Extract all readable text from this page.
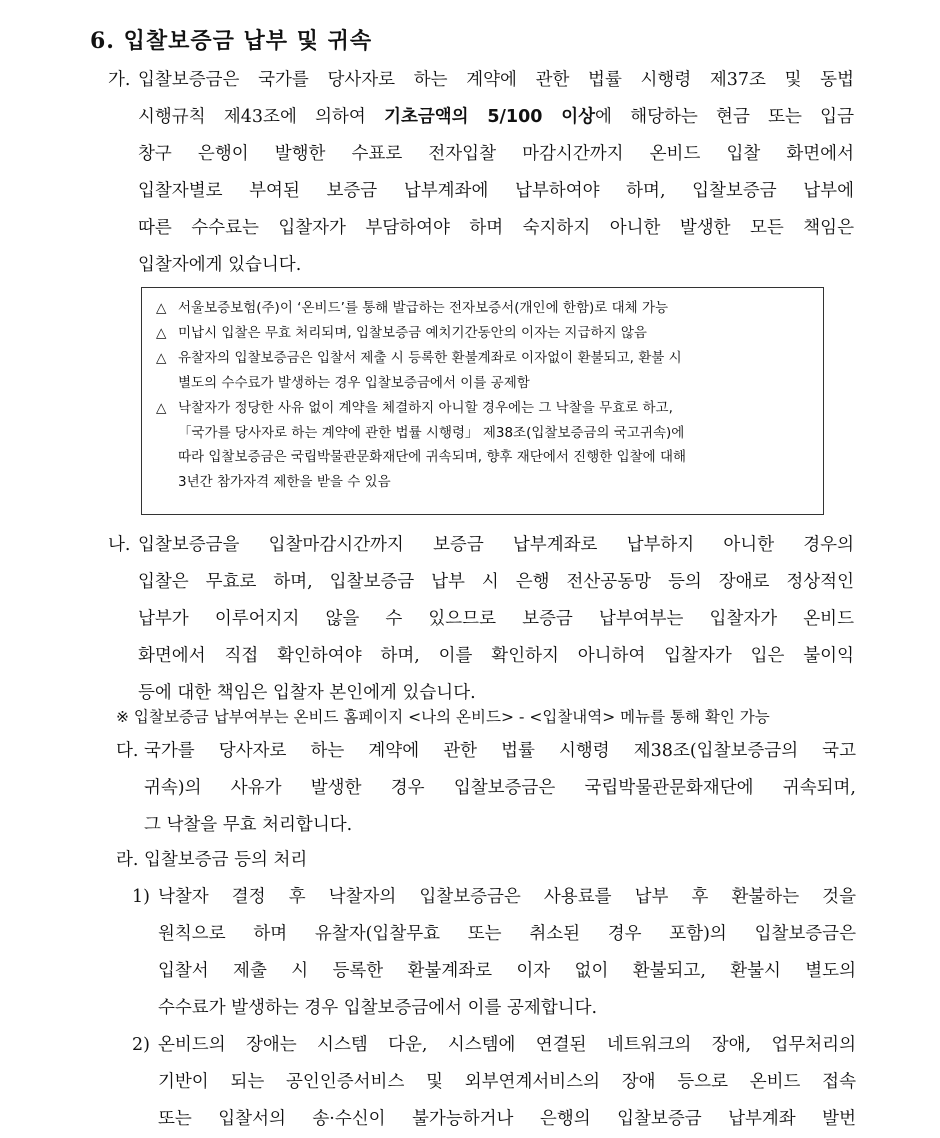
6. 입찰보증금 납부 및 귀속
가. 입찰보증금은 국가를 당사자로 하는 계약에 관한 법률 시행령 제37조 및 동법
시행규칙 제43조에 의하여 기초금액의 5/100 이상에 해당하는 현금 또는 입금
창구 은행이 발행한 수표로 전자입찰 마감시간까지 온비드 입찰 화면에서
입찰자별로 부여된 보증금 납부계좌에 납부하여야 하며, 입찰보증금 납부에
따른 수수료는 입찰자가 부담하여야 하며 숙지하지 아니한 발생한 모든 책임은
입찰자에게 있습니다.
△ 서울보증보험(주)이 ‘온비드’를 통해 발급하는 전자보증서(개인에 한함)로 대체 가능
△ 미납시 입찰은 무효 처리되며, 입찰보증금 예치기간동안의 이자는 지급하지 않음
△ 유찰자의 입찰보증금은 입찰서 제출 시 등록한 환불계좌로 이자없이 환불되고, 환불 시
별도의 수수료가 발생하는 경우 입찰보증금에서 이를 공제함
△ 낙찰자가 정당한 사유 없이 계약을 체결하지 아니할 경우에는 그 낙찰을 무효로 하고,
「국가를 당사자로 하는 계약에 관한 법률 시행령」 제38조(입찰보증금의 국고귀속)에
따라 입찰보증금은 국립박물관문화재단에 귀속되며, 향후 재단에서 진행한 입찰에 대해
3년간 참가자격 제한을 받을 수 있음
나. 입찰보증금을 입찰마감시간까지 보증금 납부계좌로 납부하지 아니한 경우의
입찰은 무효로 하며, 입찰보증금 납부 시 은행 전산공동망 등의 장애로 정상적인
납부가 이루어지지 않을 수 있으므로 보증금 납부여부는 입찰자가 온비드
화면에서 직접 확인하여야 하며, 이를 확인하지 아니하여 입찰자가 입은 불이익
등에 대한 책임은 입찰자 본인에게 있습니다.
※ 입찰보증금 납부여부는 온비드 홈페이지 <나의 온비드> - <입찰내역> 메뉴를 통해 확인 가능
다. 국가를 당사자로 하는 계약에 관한 법률 시행령 제38조(입찰보증금의 국고
귀속)의 사유가 발생한 경우 입찰보증금은 국립박물관문화재단에 귀속되며,
그 낙찰을 무효 처리합니다.
라. 입찰보증금 등의 처리
1) 낙찰자 결정 후 낙찰자의 입찰보증금은 사용료를 납부 후 환불하는 것을
원칙으로 하며 유찰자(입찰무효 또는 취소된 경우 포함)의 입찰보증금은
입찰서 제출 시 등록한 환불계좌로 이자 없이 환불되고, 환불시 별도의
수수료가 발생하는 경우 입찰보증금에서 이를 공제합니다.
2) 온비드의 장애는 시스템 다운, 시스템에 연결된 네트워크의 장애, 업무처리의
기반이 되는 공인인증서비스 및 외부연계서비스의 장애 등으로 온비드 접속
또는 입찰서의 송·수신이 불가능하거나 은행의 입찰보증금 납부계좌 발번
